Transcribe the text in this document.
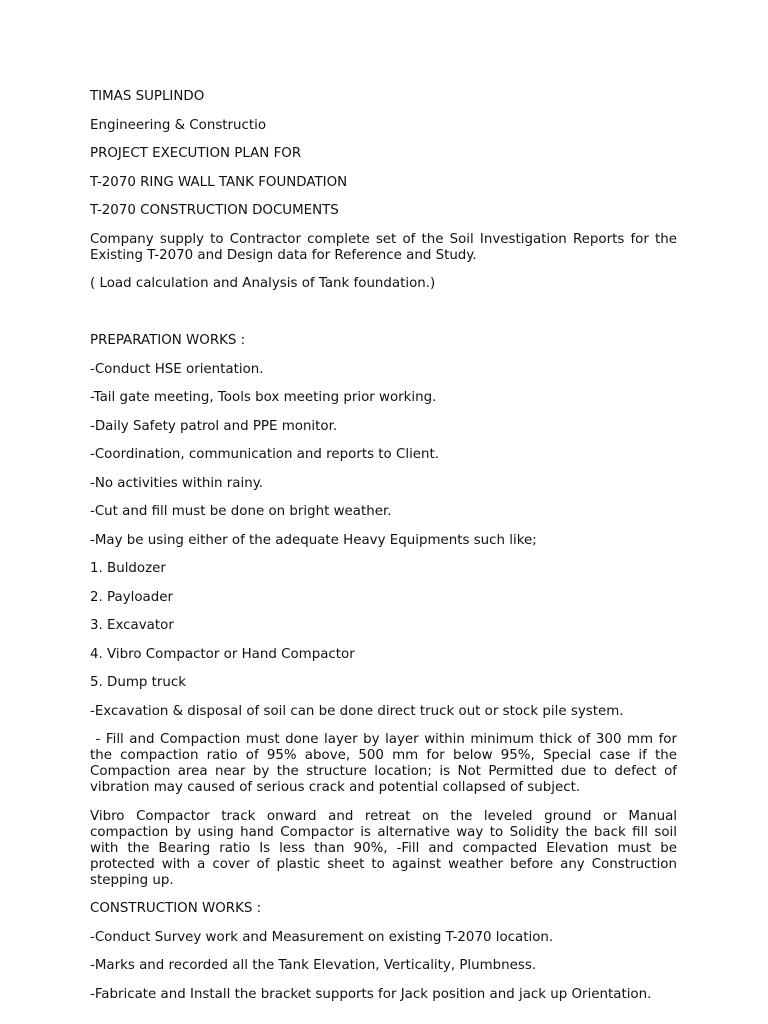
TIMAS SUPLINDO

Engineering & Constructio

PROJECT EXECUTION PLAN FOR

T-2070 RING WALL TANK FOUNDATION

T-2070 CONSTRUCTION DOCUMENTS

Company supply to Contractor complete set of the Soil Investigation Reports for the Existing T-2070 and Design data for Reference and Study.

( Load calculation and Analysis of Tank foundation.)

PREPARATION WORKS :

-Conduct HSE orientation.

-Tail gate meeting, Tools box meeting prior working.

-Daily Safety patrol and PPE monitor.

-Coordination, communication and reports to Client.

-No activities within rainy.

-Cut and fill must be done on bright weather.

-May be using either of the adequate Heavy Equipments such like;

1. Buldozer

2. Payloader

3. Excavator

4. Vibro Compactor or Hand Compactor

5. Dump truck

-Excavation & disposal of soil can be done direct truck out or stock pile system.

- Fill and Compaction must done layer by layer within minimum thick of 300 mm for the compaction ratio of 95% above, 500 mm for below 95%, Special case if the Compaction area near by the structure location; is Not Permitted due to defect of vibration may caused of serious crack and potential collapsed of subject.

Vibro Compactor track onward and retreat on the leveled ground or Manual compaction by using hand Compactor is alternative way to Solidity the back fill soil with the Bearing ratio Is less than 90%, -Fill and compacted Elevation must be protected with a cover of plastic sheet to against weather before any Construction stepping up.

CONSTRUCTION WORKS :

-Conduct Survey work and Measurement on existing T-2070 location.

-Marks and recorded all the Tank Elevation, Verticality, Plumbness.

-Fabricate and Install the bracket supports for Jack position and jack up Orientation.
